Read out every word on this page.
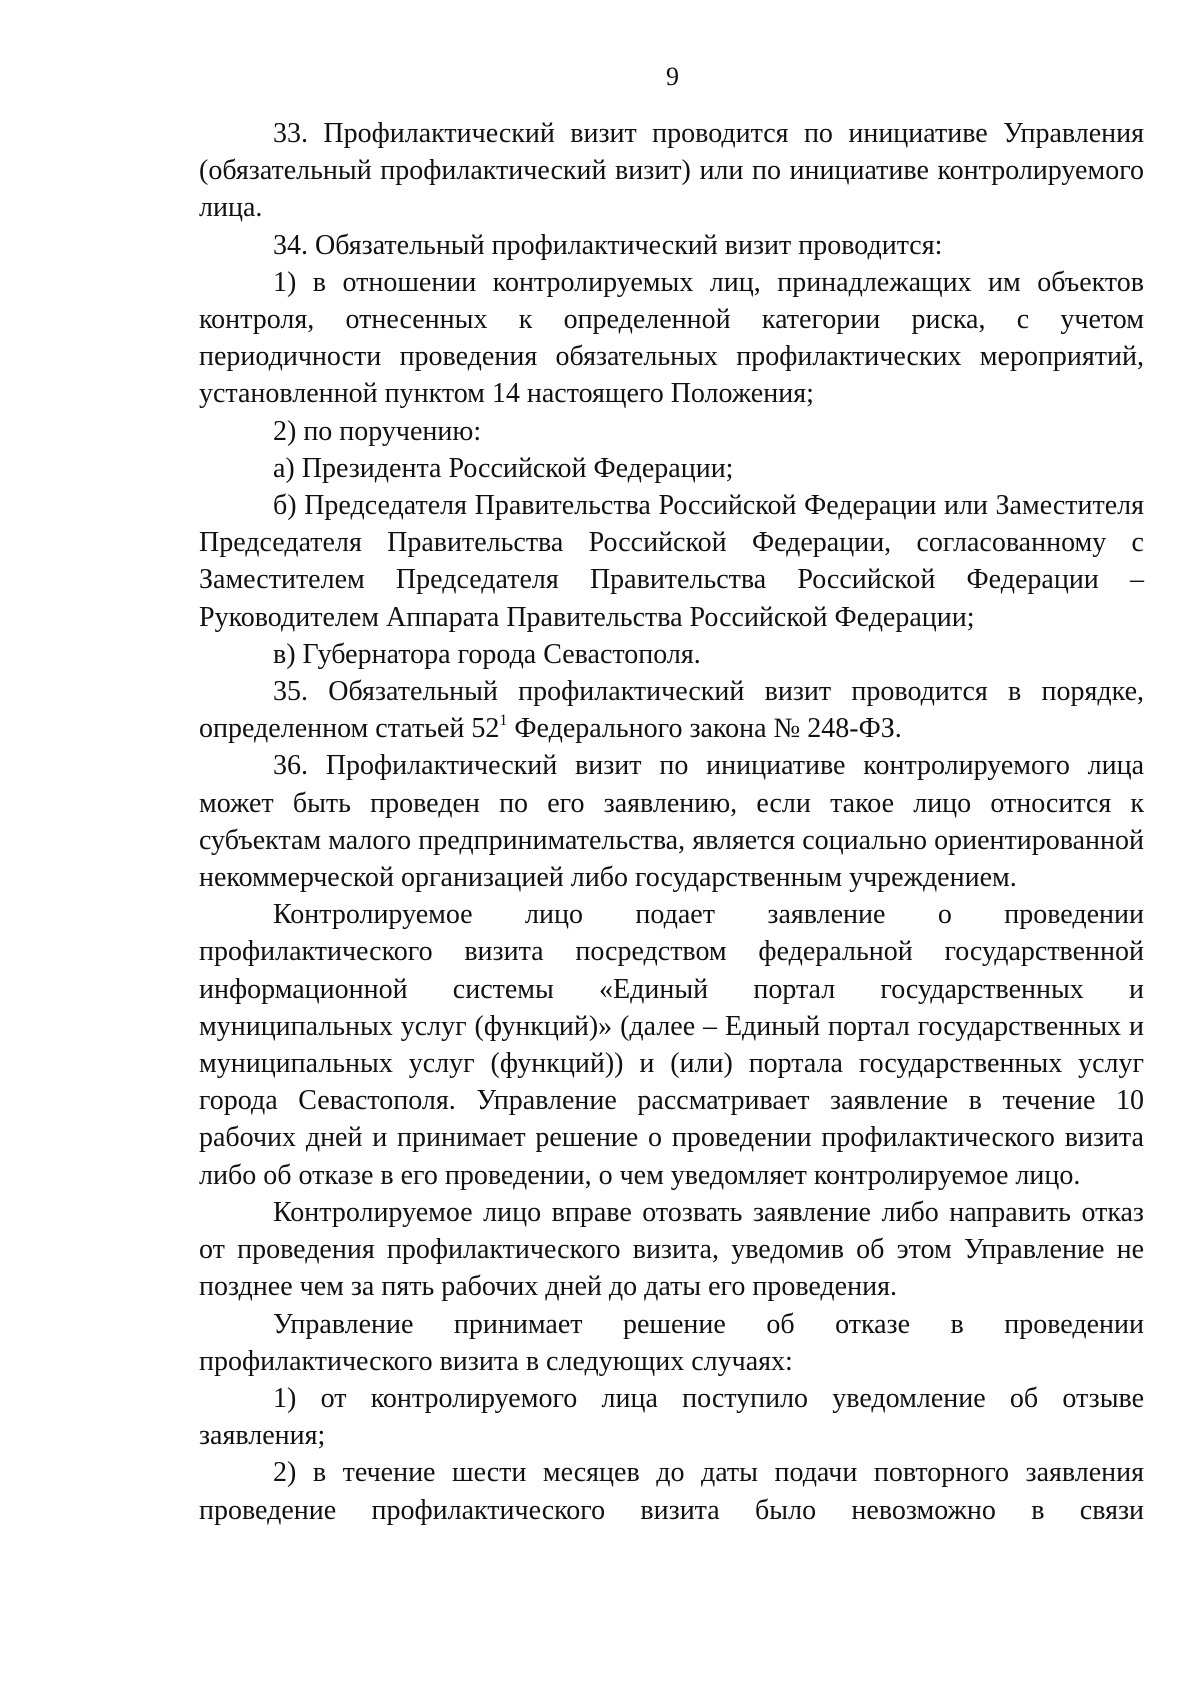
9

33. Профилактический визит проводится по инициативе Управления (обязательный профилактический визит) или по инициативе контролируемого лица.

34. Обязательный профилактический визит проводится:

1) в отношении контролируемых лиц, принадлежащих им объектов контроля, отнесенных к определенной категории риска, с учетом периодичности проведения обязательных профилактических мероприятий, установленной пунктом 14 настоящего Положения;

2) по поручению:

а) Президента Российской Федерации;

б) Председателя Правительства Российской Федерации или Заместителя Председателя Правительства Российской Федерации, согласованному с Заместителем Председателя Правительства Российской Федерации – Руководителем Аппарата Правительства Российской Федерации;

в) Губернатора города Севастополя.

35. Обязательный профилактический визит проводится в порядке, определенном статьей $52^1$ Федерального закона № 248-ФЗ.

36. Профилактический визит по инициативе контролируемого лица может быть проведен по его заявлению, если такое лицо относится к субъектам малого предпринимательства, является социально ориентированной некоммерческой организацией либо государственным учреждением.

Контролируемое лицо подает заявление о проведении профилактического визита посредством федеральной государственной информационной системы «Единый портал государственных и муниципальных услуг (функций)» (далее – Единый портал государственных и муниципальных услуг (функций)) и (или) портала государственных услуг города Севастополя. Управление рассматривает заявление в течение 10 рабочих дней и принимает решение о проведении профилактического визита либо об отказе в его проведении, о чем уведомляет контролируемое лицо.

Контролируемое лицо вправе отозвать заявление либо направить отказ от проведения профилактического визита, уведомив об этом Управление не позднее чем за пять рабочих дней до даты его проведения.

Управление принимает решение об отказе в проведении профилактического визита в следующих случаях:

1) от контролируемого лица поступило уведомление об отзыве заявления;

2) в течение шести месяцев до даты подачи повторного заявления проведение профилактического визита было невозможно в связи
